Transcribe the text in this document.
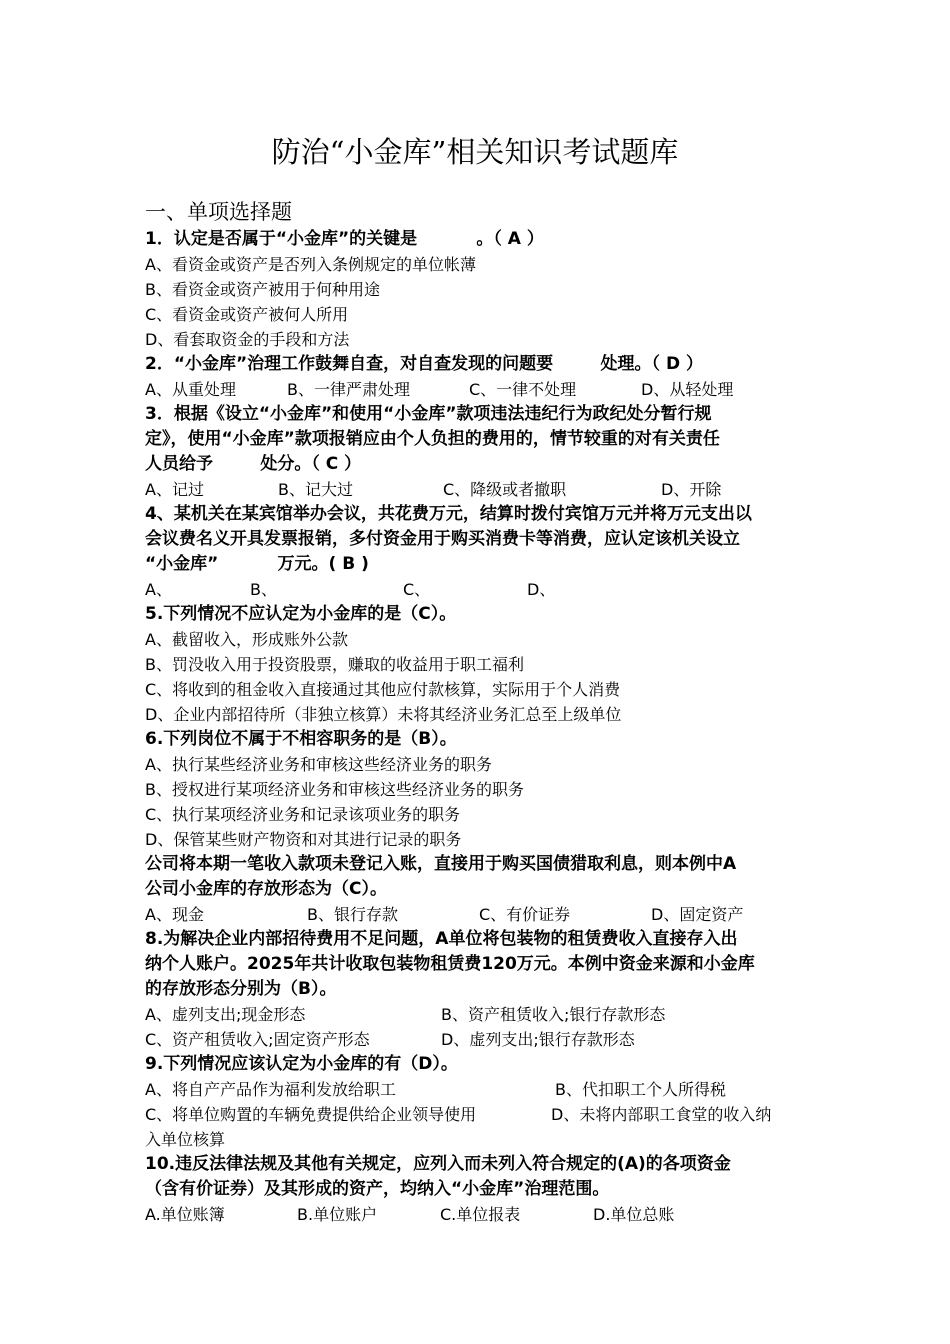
防治“小金库”相关知识考试题库
一、单项选择题
1．认定是否属于“小金库”的关键是          。（ A ）
A、看资金或资产是否列入条例规定的单位帐薄
B、看资金或资产被用于何种用途
C、看资金或资产被何人所用
D、看套取资金的手段和方法
2．“小金库”治理工作鼓舞自查，对自查发现的问题要        处理。（ D ）
A、从重处理	B、一律严肃处理	C、一律不处理	D、从轻处理
3．根据《设立“小金库”和使用“小金库”款项违法违纪行为政纪处分暂行规
定》，使用“小金库”款项报销应由个人负担的费用的，情节较重的对有关责任
人员给予        处分。（ C ）
A、记过	B、记大过	C、降级或者撤职	D、开除
4、某机关在某宾馆举办会议，共花费万元，结算时拨付宾馆万元并将万元支出以
会议费名义开具发票报销，多付资金用于购买消费卡等消费，应认定该机关设立
“小金库”          万元。( B )
A、	B、	C、	D、
5.下列情况不应认定为小金库的是（C）。
A、截留收入，形成账外公款
B、罚没收入用于投资股票，赚取的收益用于职工福利
C、将收到的租金收入直接通过其他应付款核算，实际用于个人消费
D、企业内部招待所（非独立核算）未将其经济业务汇总至上级单位
6.下列岗位不属于不相容职务的是（B）。
A、执行某些经济业务和审核这些经济业务的职务
B、授权进行某项经济业务和审核这些经济业务的职务
C、执行某项经济业务和记录该项业务的职务
D、保管某些财产物资和对其进行记录的职务
公司将本期一笔收入款项未登记入账，直接用于购买国债猎取利息，则本例中A
公司小金库的存放形态为（C）。
A、现金	B、银行存款	C、有价证券	D、固定资产
8.为解决企业内部招待费用不足问题，A单位将包装物的租赁费收入直接存入出
纳个人账户。2025年共计收取包装物租赁费120万元。本例中资金来源和小金库
的存放形态分别为（B）。
A、虚列支出;现金形态	B、资产租赁收入;银行存款形态
C、资产租赁收入;固定资产形态	D、虚列支出;银行存款形态
9.下列情况应该认定为小金库的有（D）。
A、将自产产品作为福利发放给职工	B、代扣职工个人所得税
C、将单位购置的车辆免费提供给企业领导使用	D、未将内部职工食堂的收入纳
入单位核算
10.违反法律法规及其他有关规定，应列入而未列入符合规定的(A)的各项资金
（含有价证券）及其形成的资产，均纳入“小金库”治理范围。
A.单位账簿	B.单位账户	C.单位报表	D.单位总账
